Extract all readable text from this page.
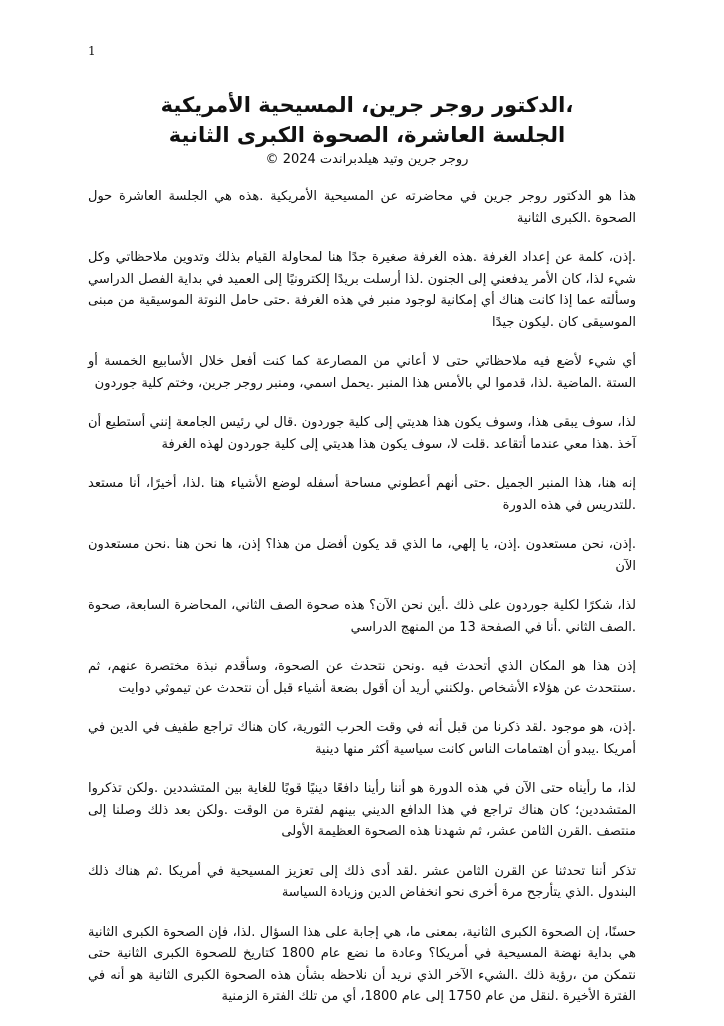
1
،الدكتور روجر جرين، المسيحية الأمريكية
الجلسة العاشرة، الصحوة الكبرى الثانية
روجر جرين وتيد هيلدبراندت 2024 ©

هذا هو الدكتور روجر جرين في محاضرته عن المسيحية الأمريكية .هذه هي الجلسة العاشرة حول الصحوة .الكبرى الثانية

.إذن، كلمة عن إعداد الغرفة .هذه الغرفة صغيرة جدًا هنا لمحاولة القيام بذلك وتدوين ملاحظاتي وكل شيء لذا، كان الأمر يدفعني إلى الجنون .لذا أرسلت بريدًا إلكترونيًا إلى العميد في بداية الفصل الدراسي وسألته عما إذا كانت هناك أي إمكانية لوجود منبر في هذه الغرفة .حتى حامل النوتة الموسيقية من مبنى الموسيقى كان .ليكون جيدًا

أي شيء لأضع فيه ملاحظاتي حتى لا أعاني من المصارعة كما كنت أفعل خلال الأسابيع الخمسة أو الستة .الماضية .لذا، قدموا لي بالأمس هذا المنبر .يحمل اسمي، ومنبر روجر جرين، وختم كلية جوردون

لذا، سوف يبقى هذا، وسوف يكون هذا هديتي إلى كلية جوردون .قال لي رئيس الجامعة إنني أستطيع أن آخذ .هذا معي عندما أتقاعد .قلت لا، سوف يكون هذا هديتي إلى كلية جوردون لهذه الغرفة

إنه هنا، هذا المنبر الجميل .حتى أنهم أعطوني مساحة أسفله لوضع الأشياء هنا .لذا، أخيرًا، أنا مستعد .للتدريس في هذه الدورة

.إذن، نحن مستعدون .إذن، يا إلهي، ما الذي قد يكون أفضل من هذا؟ إذن، ها نحن هنا .نحن مستعدون الآن

لذا، شكرًا لكلية جوردون على ذلك .أين نحن الآن؟ هذه صحوة الصف الثاني، المحاضرة السابعة، صحوة .الصف الثاني .أنا في الصفحة 13 من المنهج الدراسي

إذن هذا هو المكان الذي أتحدث فيه .ونحن نتحدث عن الصحوة، وسأقدم نبذة مختصرة عنهم، ثم .سنتحدث عن هؤلاء الأشخاص .ولكنني أريد أن أقول بضعة أشياء قبل أن نتحدث عن تيموثي دوايت

.إذن، هو موجود .لقد ذكرنا من قبل أنه في وقت الحرب الثورية، كان هناك تراجع طفيف في الدين في أمريكا .يبدو أن اهتمامات الناس كانت سياسية أكثر منها دينية

لذا، ما رأيناه حتى الآن في هذه الدورة هو أننا رأينا دافعًا دينيًا قويًا للغاية بين المتشددين .ولكن تذكروا المتشددين؛ كان هناك تراجع في هذا الدافع الديني بينهم لفترة من الوقت .ولكن بعد ذلك وصلنا إلى منتصف .القرن الثامن عشر، ثم شهدنا هذه الصحوة العظيمة الأولى

تذكر أننا تحدثنا عن القرن الثامن عشر .لقد أدى ذلك إلى تعزيز المسيحية في أمريكا .ثم هناك ذلك البندول .الذي يتأرجح مرة أخرى نحو انخفاض الدين وزيادة السياسة

حسنًا، إن الصحوة الكبرى الثانية، بمعنى ما، هي إجابة على هذا السؤال .لذا، فإن الصحوة الكبرى الثانية هي بداية نهضة المسيحية في أمريكا؟ وعادة ما نضع عام 1800 كتاريخ للصحوة الكبرى الثانية حتى نتمكن من ،رؤية ذلك .الشيء الآخر الذي نريد أن نلاحظه بشأن هذه الصحوة الكبرى الثانية هو أنه في الفترة الأخيرة .لنقل من عام 1750 إلى عام 1800، أي من تلك الفترة الزمنية
